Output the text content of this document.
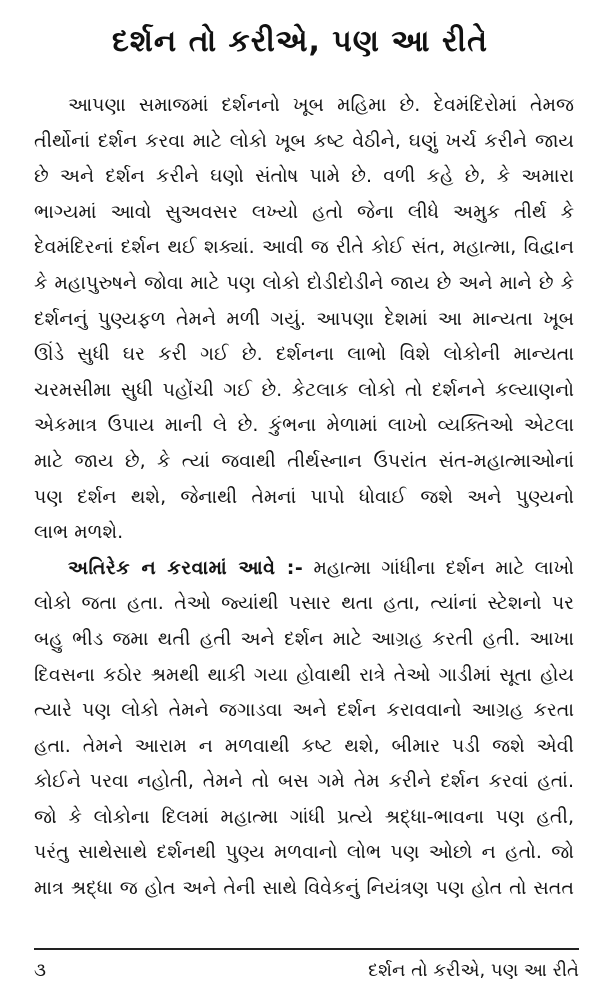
દર્શન તો કરીએ, પણ આ રીતે
આપણા સમાજમાં દર્શનનો ખૂબ મહિમા છે. દેવમંદિરોમાં તેમજ
તીર્થોનાં દર્શન કરવા માટે લોકો ખૂબ કષ્ટ વેઠીને, ઘણું ખર્ચ કરીને જાય
છે અને દર્શન કરીને ઘણો સંતોષ પામે છે. વળી કહે છે, કે અમારા
ભાગ્યમાં આવો સુઅવસર લખ્યો હતો જેના લીધે અમુક તીર્થ કે
દેવમંદિરનાં દર્શન થઈ શક્યાં. આવી જ રીતે કોઈ સંત, મહાત્મા, વિદ્વાન
કે મહાપુરુષને જોવા માટે પણ લોકો દોડીદોડીને જાય છે અને માને છે કે
દર્શનનું પુણ્યફળ તેમને મળી ગયું. આપણા દેશમાં આ માન્યતા ખૂબ
ઊંડે સુધી ઘર કરી ગઈ છે. દર્શનના લાભો વિશે લોકોની માન્યતા
ચરમસીમા સુધી પહોંચી ગઈ છે. કેટલાક લોકો તો દર્શનને કલ્યાણનો
એકમાત્ર ઉપાય માની લે છે. કુંભના મેળામાં લાખો વ્યક્તિઓ એટલા
માટે જાય છે, કે ત્યાં જવાથી તીર્થસ્નાન ઉપરાંત સંત-મહાત્માઓનાં
પણ દર્શન થશે, જેનાથી તેમનાં પાપો ધોવાઈ જશે અને પુણ્યનો
લાભ મળશે.
અતિરેક ન કરવામાં આવે :- મહાત્મા ગાંધીના દર્શન માટે લાખો
લોકો જતા હતા. તેઓ જ્યાંથી પસાર થતા હતા, ત્યાંનાં સ્ટેશનો પર
બહુ ભીડ જમા થતી હતી અને દર્શન માટે આગ્રહ કરતી હતી. આખા
દિવસના કઠોર શ્રમથી થાકી ગયા હોવાથી રાત્રે તેઓ ગાડીમાં સૂતા હોય
ત્યારે પણ લોકો તેમને જગાડવા અને દર્શન કરાવવાનો આગ્રહ કરતા
હતા. તેમને આરામ ન મળવાથી કષ્ટ થશે, બીમાર પડી જશે એવી
કોઈને પરવા નહોતી, તેમને તો બસ ગમે તેમ કરીને દર્શન કરવાં હતાં.
જો કે લોકોના દિલમાં મહાત્મા ગાંધી પ્રત્યે શ્રદ્ધા-ભાવના પણ હતી,
પરંતુ સાથેસાથે દર્શનથી પુણ્ય મળવાનો લોભ પણ ઓછો ન હતો. જો
માત્ર શ્રદ્ધા જ હોત અને તેની સાથે વિવેકનું નિયંત્રણ પણ હોત તો સતત
૩	દર્શન તો કરીએ, પણ આ રીતે
